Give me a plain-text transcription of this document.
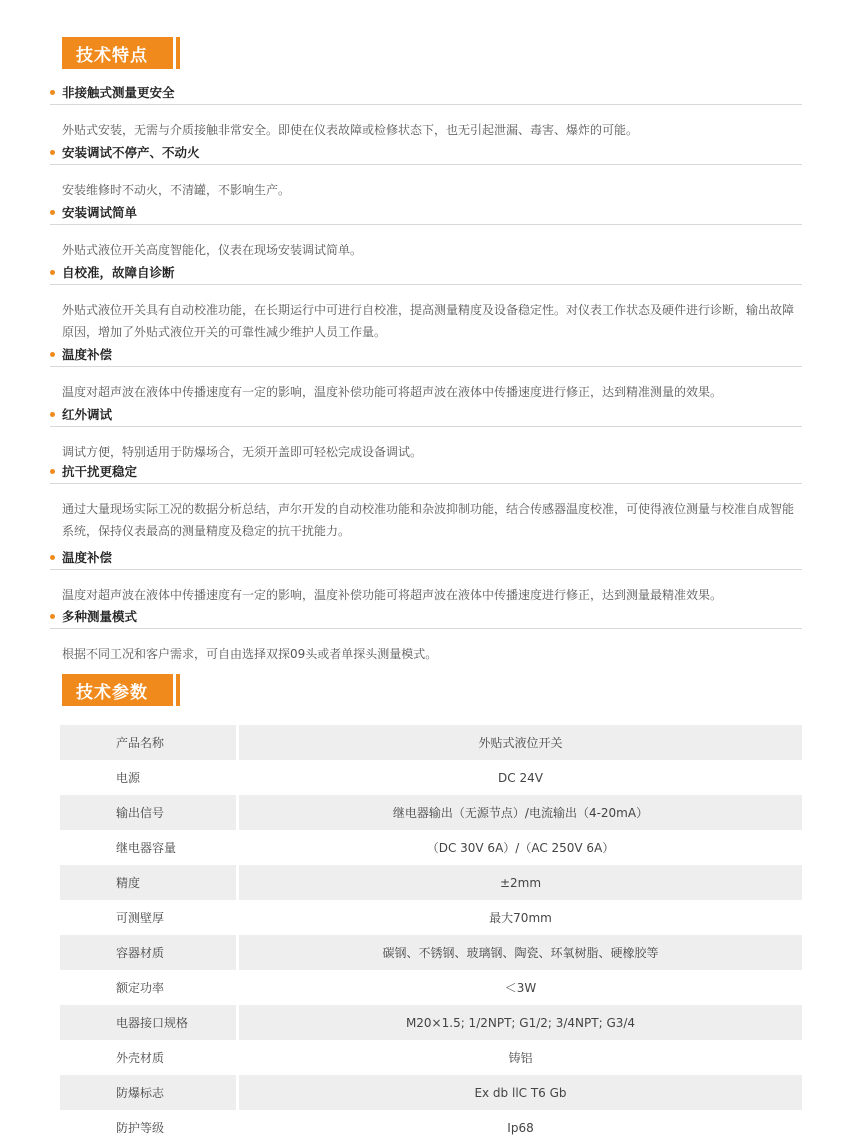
技术特点
非接触式测量更安全
外贴式安装，无需与介质接触非常安全。即使在仪表故障或检修状态下，也无引起泄漏、毒害、爆炸的可能。
安装调试不停产、不动火
安装维修时不动火，不清罐，不影响生产。
安装调试简单
外贴式液位开关高度智能化，仪表在现场安装调试简单。
自校准，故障自诊断
外贴式液位开关具有自动校准功能，在长期运行中可进行自校准，提高测量精度及设备稳定性。对仪表工作状态及硬件进行诊断，输出故障原因，增加了外贴式液位开关的可靠性减少维护人员工作量。
温度补偿
温度对超声波在液体中传播速度有一定的影响，温度补偿功能可将超声波在液体中传播速度进行修正，达到精准测量的效果。
红外调试
调试方便，特别适用于防爆场合，无须开盖即可轻松完成设备调试。
抗干扰更稳定
通过大量现场实际工况的数据分析总结，声尔开发的自动校准功能和杂波抑制功能，结合传感器温度校准，可使得液位测量与校准自成智能系统，保持仪表最高的测量精度及稳定的抗干扰能力。
温度补偿
温度对超声波在液体中传播速度有一定的影响，温度补偿功能可将超声波在液体中传播速度进行修正，达到测量最精准效果。
多种测量模式
根据不同工况和客户需求，可自由选择双探09头或者单探头测量模式。
技术参数
产品名称		外贴式液位开关
电源		DC 24V
输出信号		继电器输出（无源节点）/电流输出（4-20mA）
继电器容量		（DC 30V 6A）/（AC 250V 6A）
精度		±2mm
可测壁厚		最大70mm
容器材质		碳钢、不锈钢、玻璃钢、陶瓷、环氧树脂、硬橡胶等
额定功率		＜3W
电器接口规格		M20×1.5; 1/2NPT; G1/2; 3/4NPT; G3/4
外壳材质		铸铝
防爆标志		Ex db llC T6 Gb
防护等级		Ip68
